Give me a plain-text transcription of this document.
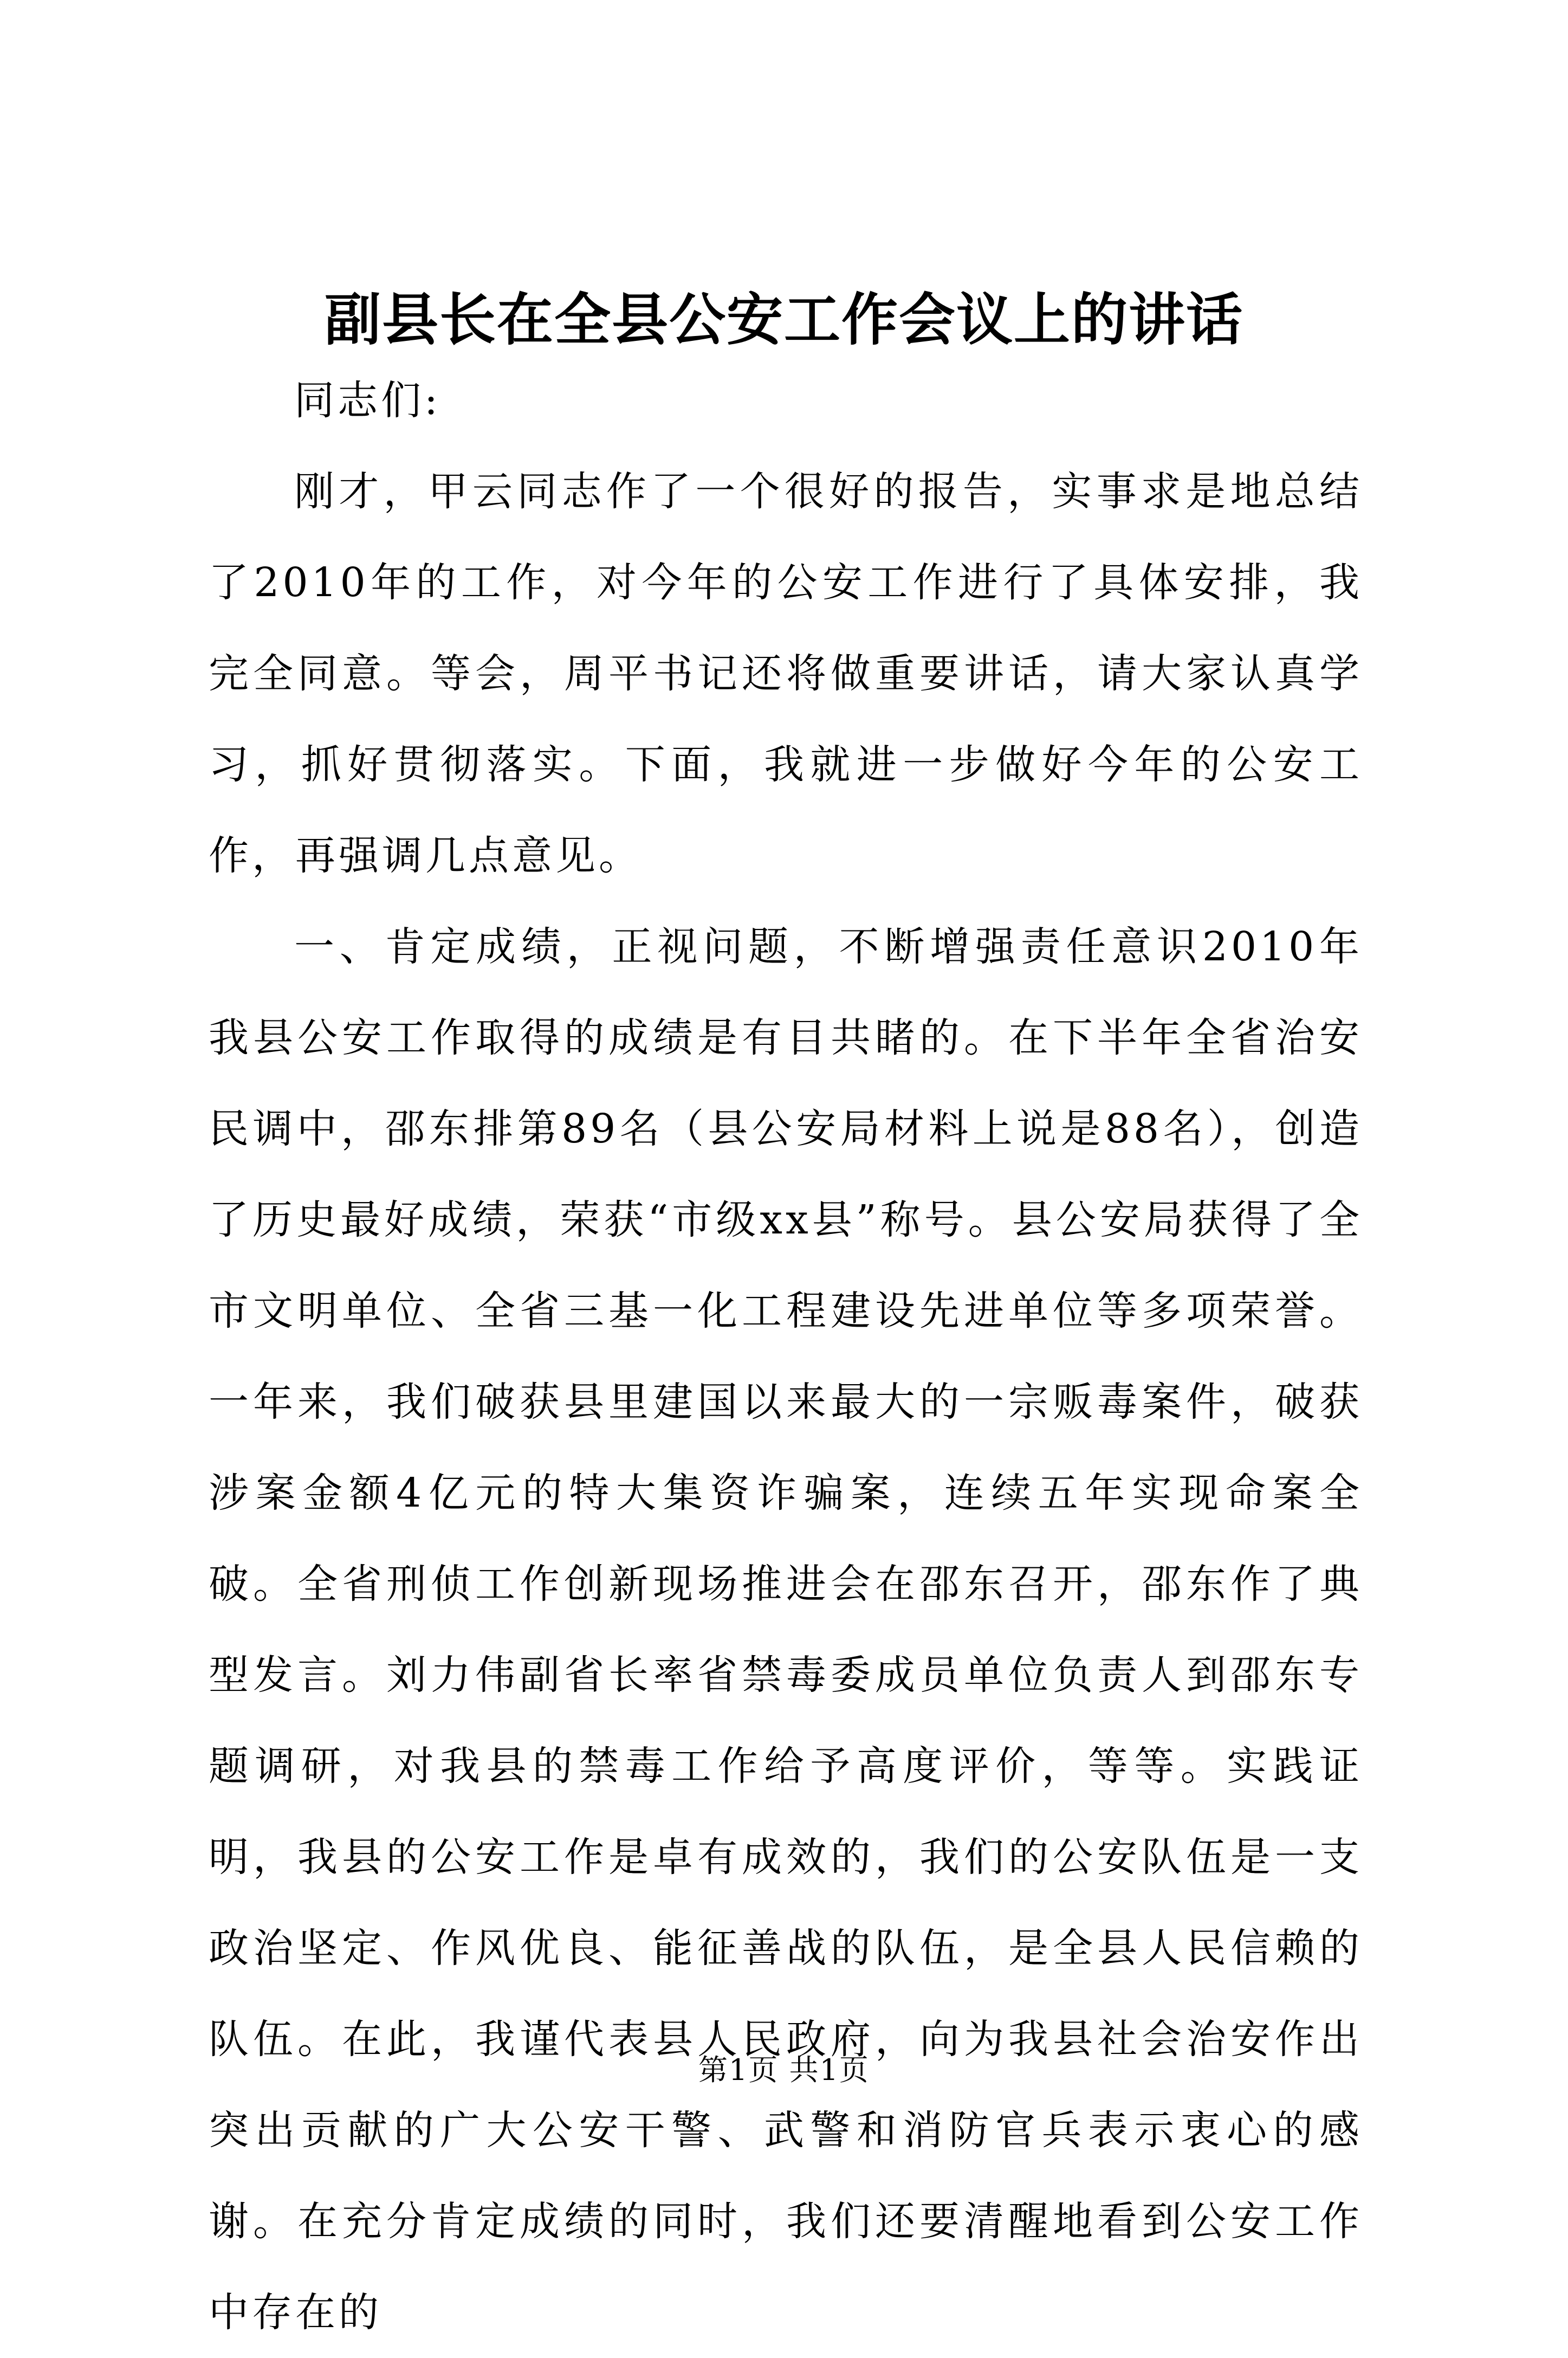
副县长在全县公安工作会议上的讲话

同志们:

刚才，甲云同志作了一个很好的报告，实事求是地总结了2010年的工作，对今年的公安工作进行了具体安排，我完全同意。等会，周平书记还将做重要讲话，请大家认真学习，抓好贯彻落实。下面，我就进一步做好今年的公安工作，再强调几点意见。

一、肯定成绩，正视问题，不断增强责任意识2010年我县公安工作取得的成绩是有目共睹的。在下半年全省治安民调中，邵东排第89名（县公安局材料上说是88名），创造了历史最好成绩，荣获“市级xx县”称号。县公安局获得了全市文明单位、全省三基一化工程建设先进单位等多项荣誉。一年来，我们破获县里建国以来最大的一宗贩毒案件，破获涉案金额4亿元的特大集资诈骗案，连续五年实现命案全破。全省刑侦工作创新现场推进会在邵东召开，邵东作了典型发言。刘力伟副省长率省禁毒委成员单位负责人到邵东专题调研，对我县的禁毒工作给予高度评价，等等。实践证明，我县的公安工作是卓有成效的，我们的公安队伍是一支政治坚定、作风优良、能征善战的队伍，是全县人民信赖的队伍。在此，我谨代表县人民政府，向为我县社会治安作出突出贡献的广大公安干警、武警和消防官兵表示衷心的感谢。在充分肯定成绩的同时，我们还要清醒地看到公安工作中存在的

第1页 共1页
